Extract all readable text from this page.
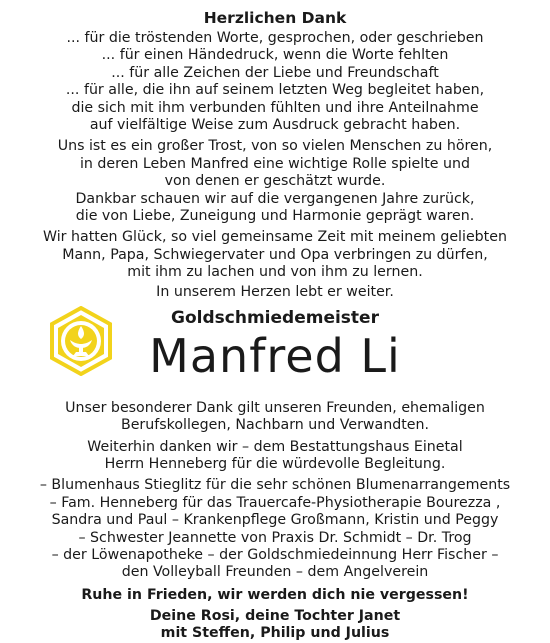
Herzlichen Dank
... für die tröstenden Worte, gesprochen, oder geschrieben
... für einen Händedruck, wenn die Worte fehlten
... für alle Zeichen der Liebe und Freundschaft
... für alle, die ihn auf seinem letzten Weg begleitet haben,
die sich mit ihm verbunden fühlten und ihre Anteilnahme
auf vielfältige Weise zum Ausdruck gebracht haben.
Uns ist es ein großer Trost, von so vielen Menschen zu hören,
in deren Leben Manfred eine wichtige Rolle spielte und
von denen er geschätzt wurde.
Dankbar schauen wir auf die vergangenen Jahre zurück,
die von Liebe, Zuneigung und Harmonie geprägt waren.
Wir hatten Glück, so viel gemeinsame Zeit mit meinem geliebten
Mann, Papa, Schwiegervater und Opa verbringen zu dürfen,
mit ihm zu lachen und von ihm zu lernen.
In unserem Herzen lebt er weiter.
Goldschmiedemeister
Manfred Li
Unser besonderer Dank gilt unseren Freunden, ehemaligen
Berufskollegen, Nachbarn und Verwandten.
Weiterhin danken wir – dem Bestattungshaus Einetal
Herrn Henneberg für die würdevolle Begleitung.
– Blumenhaus Stieglitz für die sehr schönen Blumenarrangements
– Fam. Henneberg für das Trauercafe-Physiotherapie Bourezza ,
Sandra und Paul – Krankenpflege Großmann, Kristin und Peggy
– Schwester Jeannette von Praxis Dr. Schmidt – Dr. Trog
– der Löwenapotheke – der Goldschmiedeinnung Herr Fischer –
den Volleyball Freunden – dem Angelverein
Ruhe in Frieden, wir werden dich nie vergessen!
Deine Rosi, deine Tochter Janet
mit Steffen, Philip und Julius
